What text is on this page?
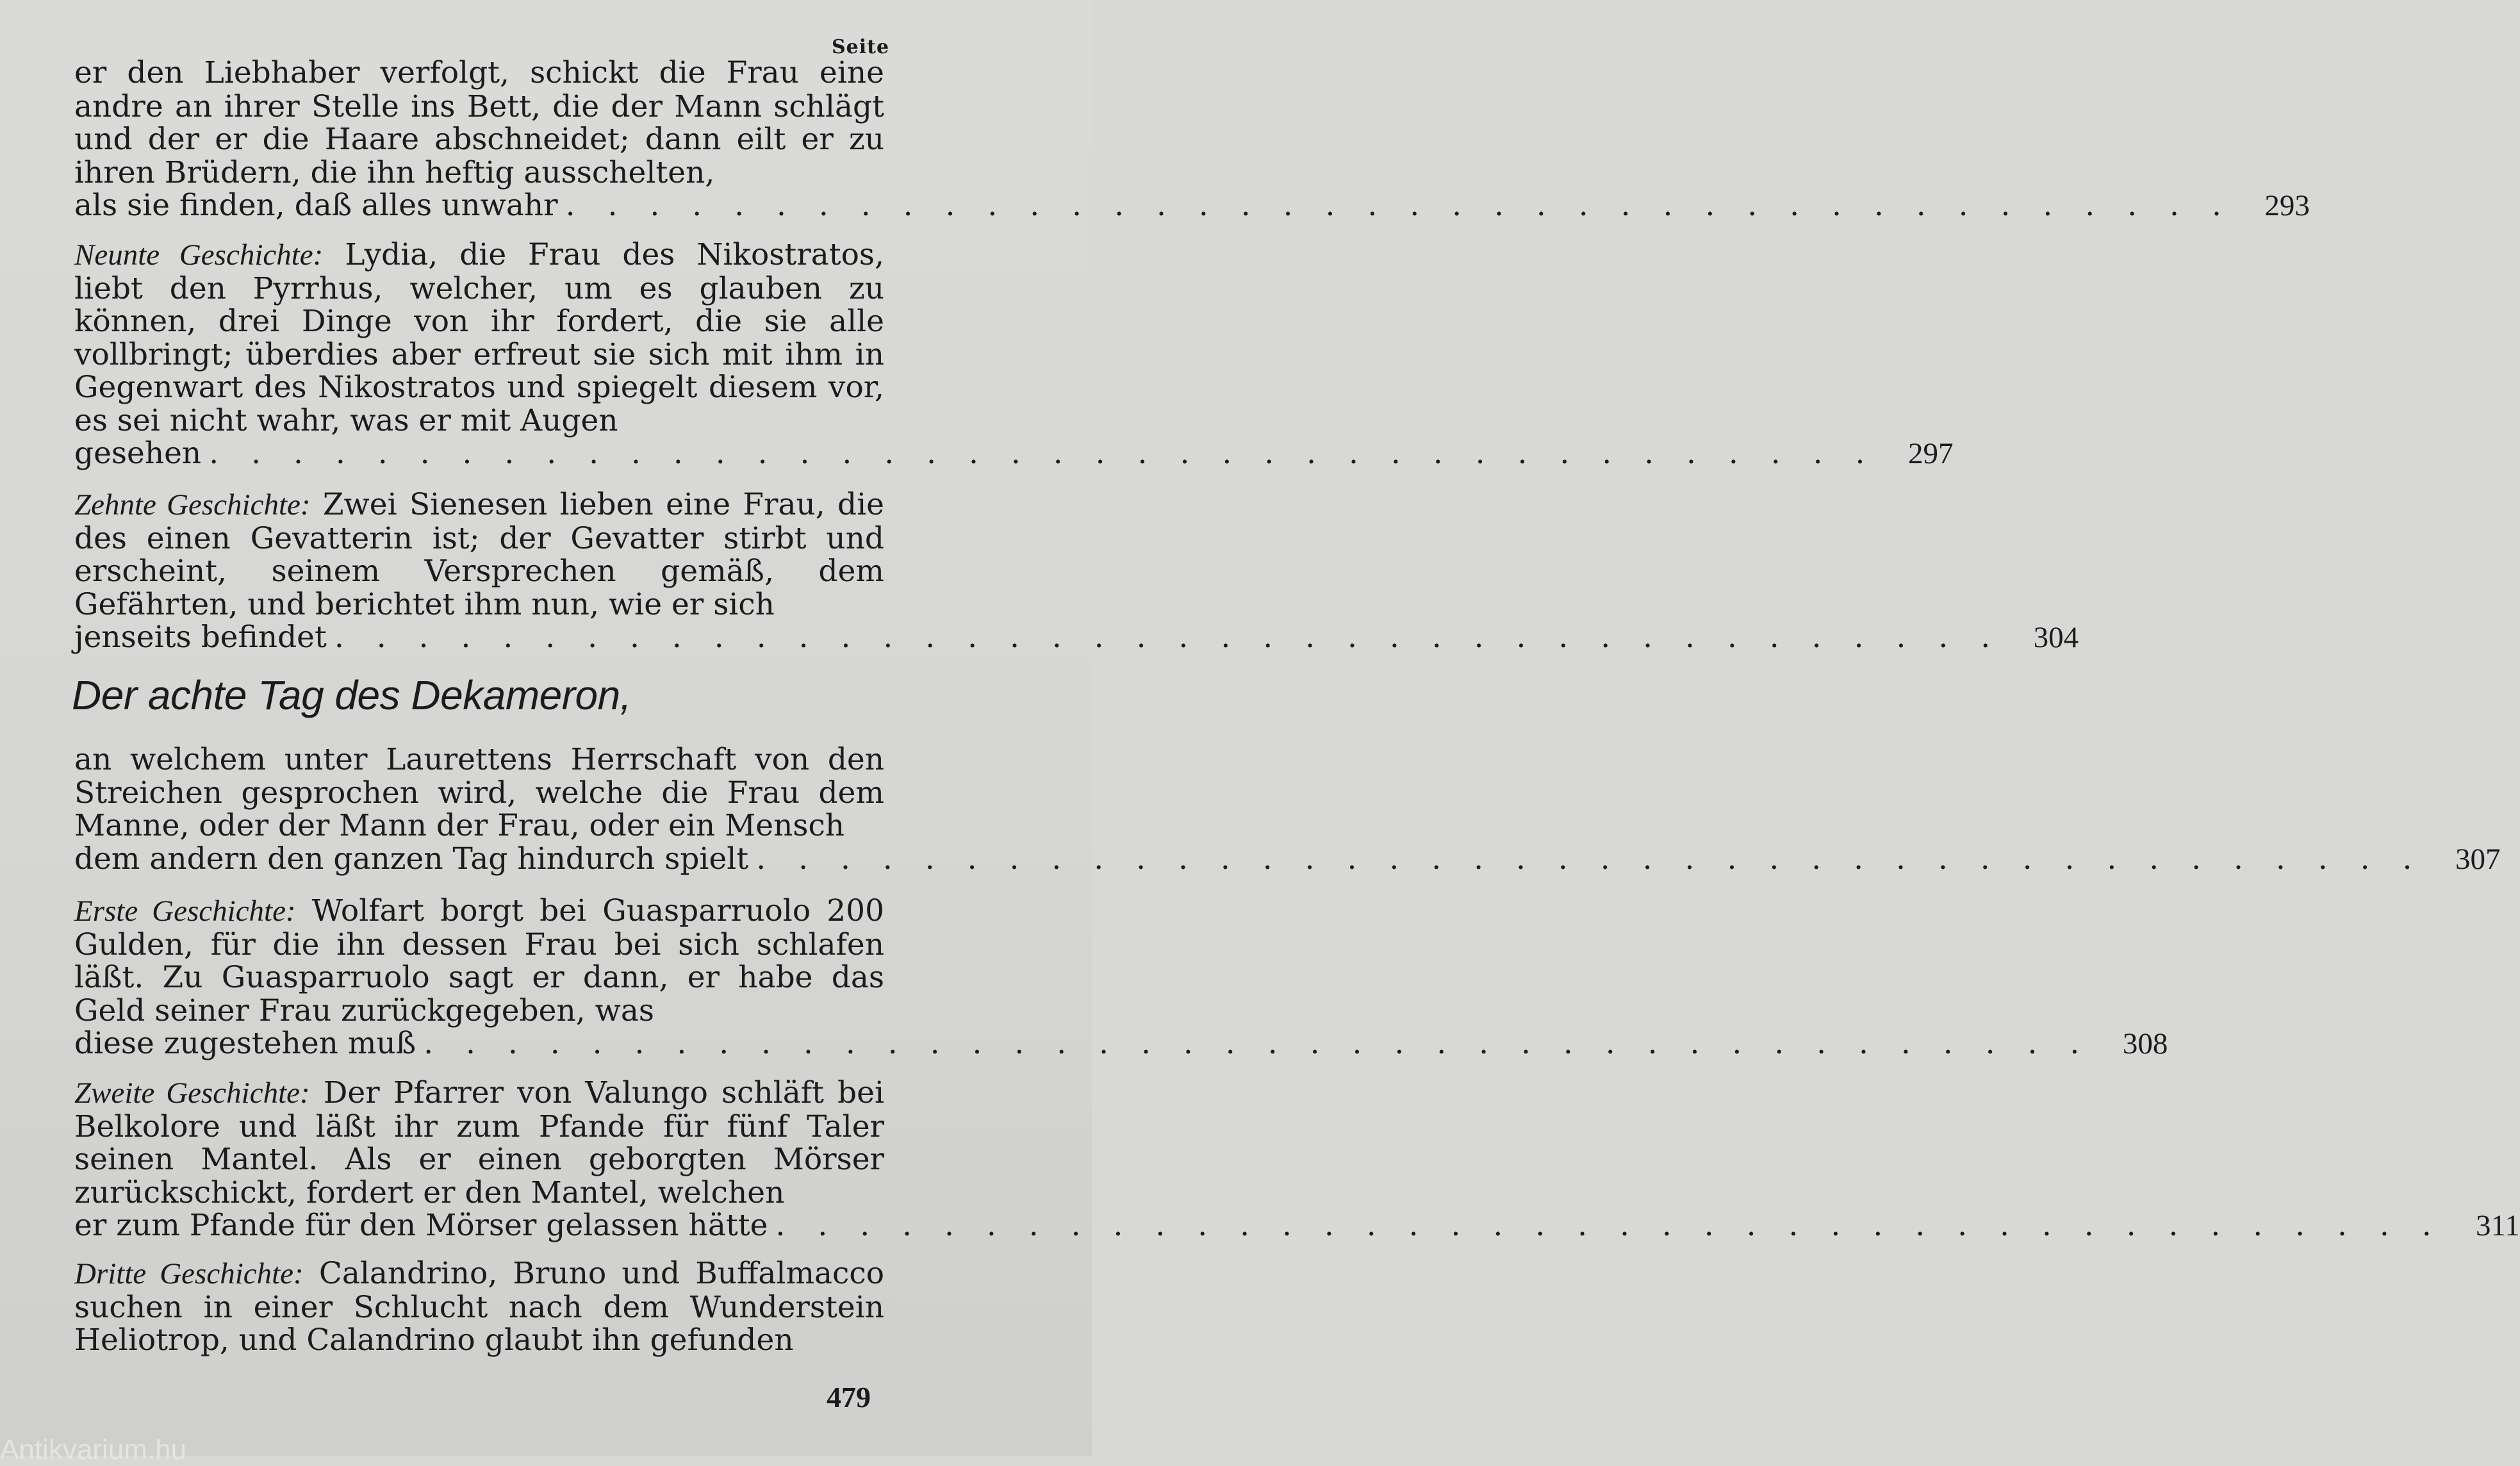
Seite

er den Liebhaber verfolgt, schickt die Frau eine andre an ihrer Stelle ins Bett, die der Mann schlägt und der er die Haare abschneidet; dann eilt er zu ihren Brüdern, die ihn heftig ausschelten,

als sie finden, daß alles unwahr . . . . . . . . . . . . . . . . . . . . . . . . . . . . . . . . . . . . . . . .	293

Neunte Geschichte: Lydia, die Frau des Nikostratos, liebt den Pyrrhus, welcher, um es glauben zu können, drei Dinge von ihr fordert, die sie alle vollbringt; überdies aber erfreut sie sich mit ihm in Gegenwart des Nikostratos und spiegelt diesem vor, es sei nicht wahr, was er mit Augen

gesehen . . . . . . . . . . . . . . . . . . . . . . . . . . . . . . . . . . . . . . . .	297

Zehnte Geschichte: Zwei Sienesen lieben eine Frau, die des einen Gevatterin ist; der Gevatter stirbt und erscheint, seinem Versprechen gemäß, dem Gefährten, und berichtet ihm nun, wie er sich

jenseits befindet . . . . . . . . . . . . . . . . . . . . . . . . . . . . . . . . . . . . . . . .	304
Der achte Tag des Dekameron,

an welchem unter Laurettens Herrschaft von den Streichen gesprochen wird, welche die Frau dem Manne, oder der Mann der Frau, oder ein Mensch

dem andern den ganzen Tag hindurch spielt . . . . . . . . . . . . . . . . . . . . . . . . . . . . . . . . . . . . . . . .	307

Erste Geschichte: Wolfart borgt bei Guasparruolo 200 Gulden, für die ihn dessen Frau bei sich schlafen läßt. Zu Guasparruolo sagt er dann, er habe das Geld seiner Frau zurückgegeben, was

diese zugestehen muß . . . . . . . . . . . . . . . . . . . . . . . . . . . . . . . . . . . . . . . .	308

Zweite Geschichte: Der Pfarrer von Valungo schläft bei Belkolore und läßt ihr zum Pfande für fünf Taler seinen Mantel. Als er einen geborgten Mörser zurückschickt, fordert er den Mantel, welchen

er zum Pfande für den Mörser gelassen hätte . . . . . . . . . . . . . . . . . . . . . . . . . . . . . . . . . . . . . . . .	311

Dritte Geschichte: Calandrino, Bruno und Buffalmacco suchen in einer Schlucht nach dem Wunderstein Heliotrop, und Calandrino glaubt ihn gefunden

479
Antikvarium.hu
